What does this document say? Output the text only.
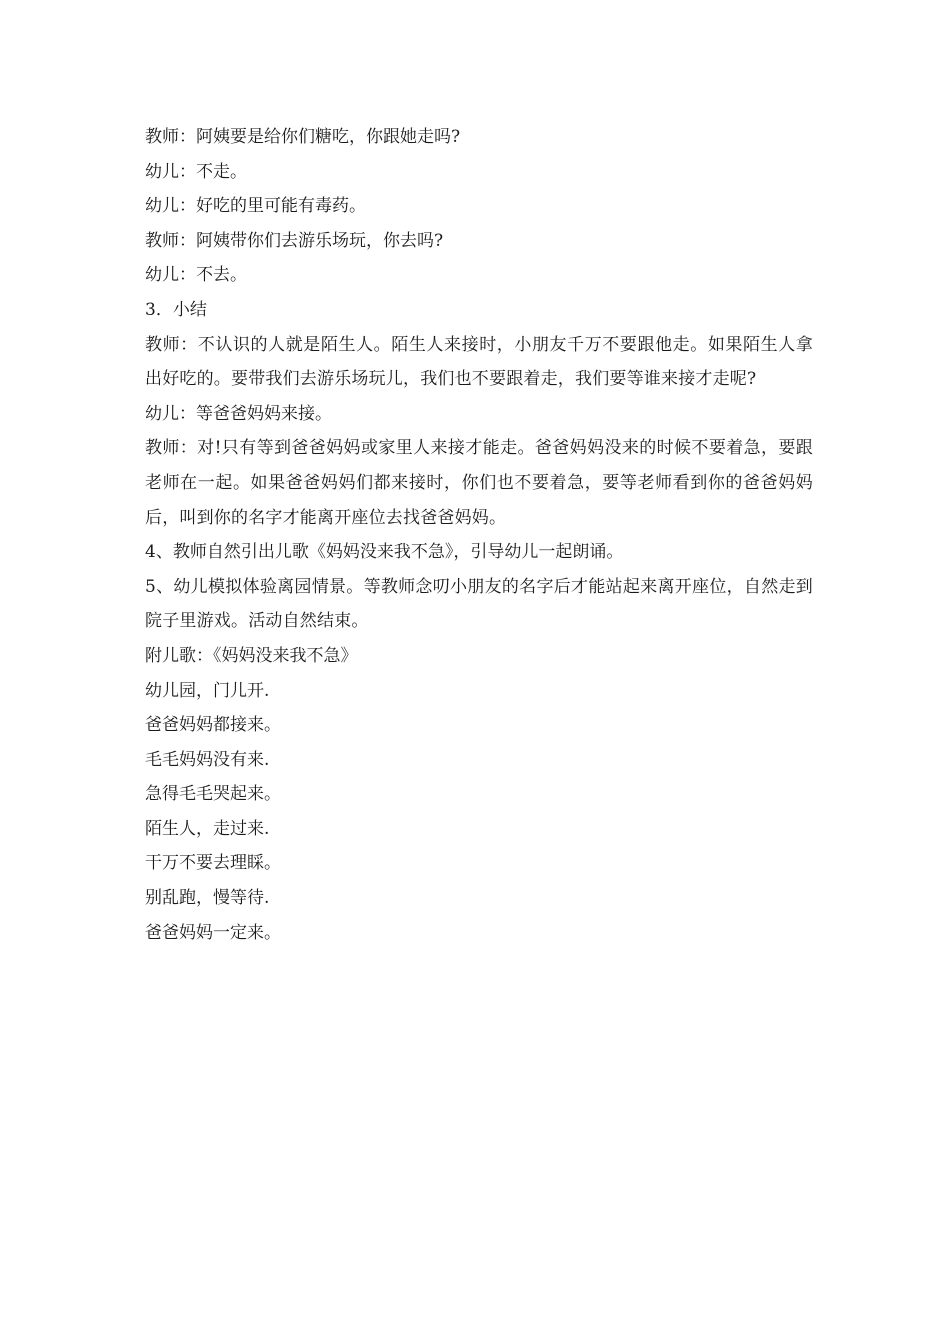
教师：阿姨要是给你们糖吃，你跟她走吗?

幼儿：不走。

幼儿：好吃的里可能有毒药。

教师：阿姨带你们去游乐场玩，你去吗?

幼儿：不去。

3．小结

教师：不认识的人就是陌生人。陌生人来接时，小朋友千万不要跟他走。如果陌生人拿出好吃的。要带我们去游乐场玩儿，我们也不要跟着走，我们要等谁来接才走呢?

幼儿：等爸爸妈妈来接。

教师：对!只有等到爸爸妈妈或家里人来接才能走。爸爸妈妈没来的时候不要着急，要跟老师在一起。如果爸爸妈妈们都来接时，你们也不要着急，要等老师看到你的爸爸妈妈后，叫到你的名字才能离开座位去找爸爸妈妈。

4、教师自然引出儿歌《妈妈没来我不急》，引导幼儿一起朗诵。

5、幼儿模拟体验离园情景。等教师念叨小朋友的名字后才能站起来离开座位，自然走到院子里游戏。活动自然结束。

附儿歌：《妈妈没来我不急》

幼儿园，门儿开.

爸爸妈妈都接来。

毛毛妈妈没有来.

急得毛毛哭起来。

陌生人，走过来.

干万不要去理睬。

别乱跑，慢等待.

爸爸妈妈一定来。
